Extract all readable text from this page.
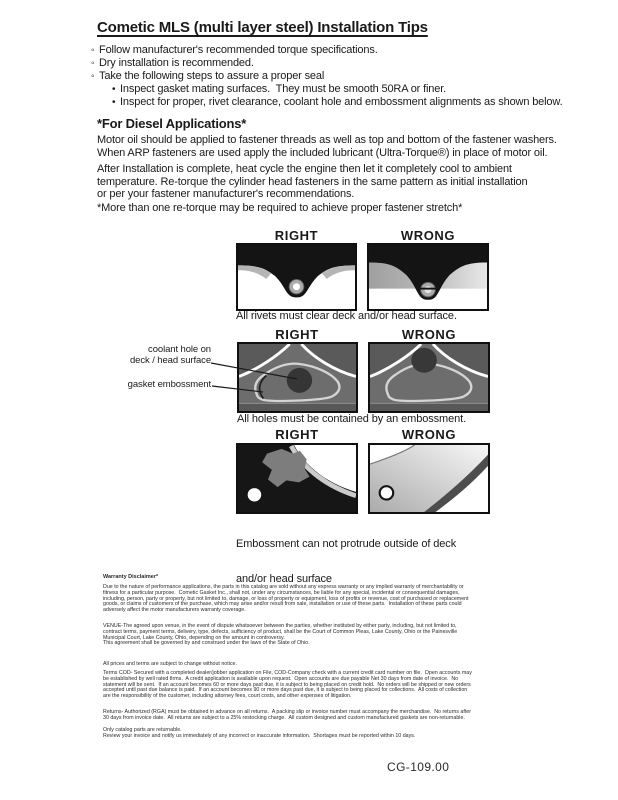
Cometic MLS (multi layer steel) Installation Tips
◦ Follow manufacturer's recommended torque specifications.
◦ Dry installation is recommended.
◦ Take the following steps to assure a proper seal
• Inspect gasket mating surfaces.  They must be smooth 50RA or finer.
• Inspect for proper, rivet clearance, coolant hole and embossment alignments as shown below.
*For Diesel Applications*
Motor oil should be applied to fastener threads as well as top and bottom of the fastener washers.
When ARP fasteners are used apply the included lubricant (Ultra-Torque®) in place of motor oil.
After Installation is complete, heat cycle the engine then let it completely cool to ambient
temperature. Re-torque the cylinder head fasteners in the same pattern as initial installation
or per your fastener manufacturer's recommendations.
*More than one re-torque may be required to achieve proper fastener stretch*
RIGHT	WRONG
All rivets must clear deck and/or head surface.
RIGHT	WRONG
coolant hole on
deck / head surface
gasket embossment
All holes must be contained by an embossment.
RIGHT	WRONG

Embossment can not protrude outside of deck

and/or head surface

Warranty Disclaimer*
Due to the nature of performance applications, the parts in this catalog are sold without any express warranty or any implied warranty of merchantability or
fitness for a particular purpose.  Cometic Gasket Inc., shall not, under any circumstances, be liable for any special, incidental or consequential damages,
including, person, party or property, but not limited to, damage, or loss of property or equipment, loss of profits or revenue, cost of purchased or replacement
goods, or claims of customers of the purchase, which may arise and/or result from sale, installation or use of these parts.  Installation of these parts could
adversely affect the motor manufacturers warranty coverage.
VENUE-The agreed upon venue, in the event of dispute whatsoever between the parties, whether instituted by either party, including, but not limited to,
contract terms, payment terms, delivery, type, defects, sufficiency of product, shall be the Court of Common Pleas, Lake County, Ohio or the Painesville
Municipal Court, Lake County, Ohio, depending on the amount in controversy.
This agreement shall be governed by and construed under the laws of the State of Ohio.
All prices and terms are subject to change without notice.
Terms COD- Secured with a completed dealer/jobber application on File, COD-Company check with a current credit card number on file.  Open accounts may
be established by well rated firms.  A credit application is available upon request.  Open accounts are due payable Net 30 days from date of invoice.  No
statement will be sent.  If an account becomes 60 or more days past due, it is subject to being placed on credit hold.  No orders will be shipped or new orders
accepted until past due balance is paid.  If an account becomes 90 or more days past due, it is subject to being placed for collections.  All costs of collection
are the responsibility of the customer, including attorney fees, court costs, and other expenses of litigation.
Returns- Authorized (RGA) must be obtained in advance on all returns.  A packing slip or invoice number must accompany the merchandise.  No returns after
30 days from invoice date.  All returns are subject to a 25% restocking charge.  All custom designed and custom manufactured gaskets are non-returnable.
Only catalog parts are returnable.
Review your invoice and notify us immediately of any incorrect or inaccurate information.  Shortages must be reported within 10 days.
CG-109.00
